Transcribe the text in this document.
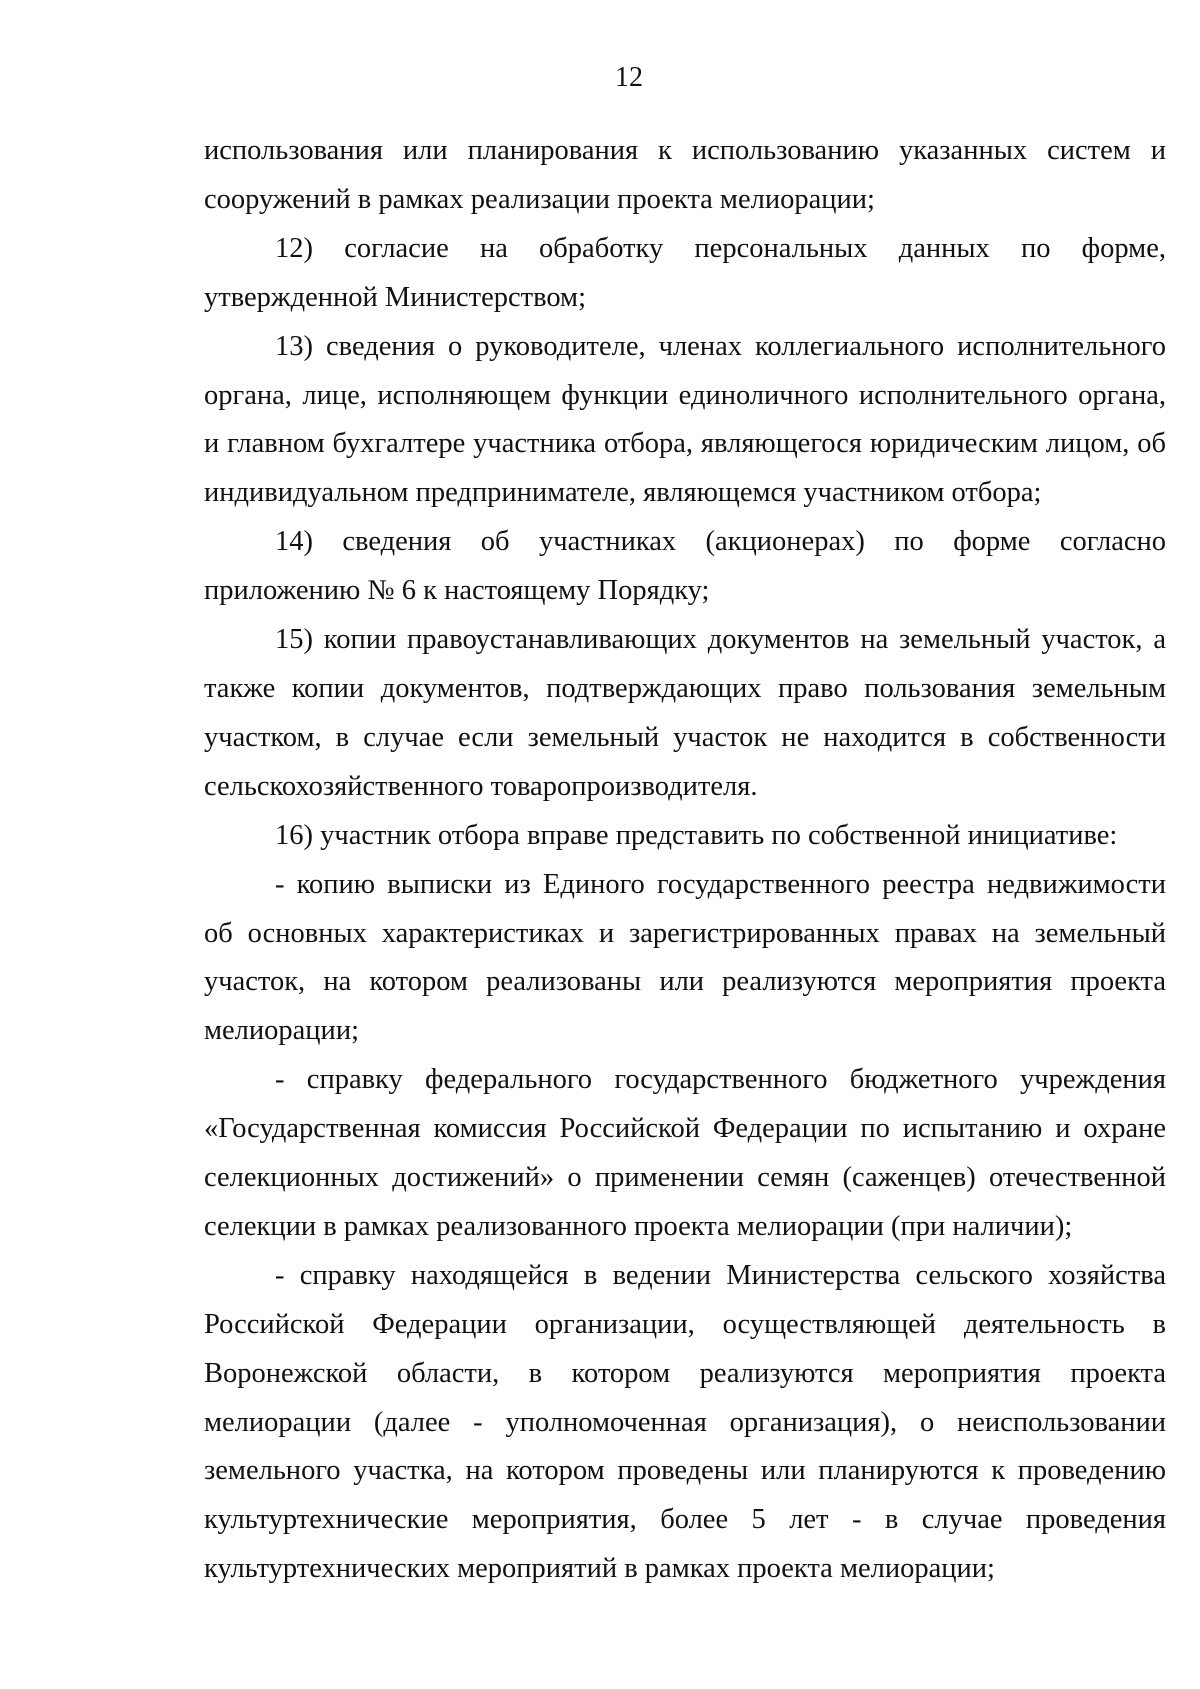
12

использования или планирования к использованию указанных систем и сооружений в рамках реализации проекта мелиорации;

12) согласие на обработку персональных данных по форме, утвержденной Министерством;

13) сведения о руководителе, членах коллегиального исполнительного органа, лице, исполняющем функции единоличного исполнительного органа, и главном бухгалтере участника отбора, являющегося юридическим лицом, об индивидуальном предпринимателе, являющемся участником отбора;

14) сведения об участниках (акционерах) по форме согласно приложению № 6 к настоящему Порядку;

15) копии правоустанавливающих документов на земельный участок, а также копии документов, подтверждающих право пользования земельным участком, в случае если земельный участок не находится в собственности сельскохозяйственного товаропроизводителя.

16) участник отбора вправе представить по собственной инициативе:

- копию выписки из Единого государственного реестра недвижимости об основных характеристиках и зарегистрированных правах на земельный участок, на котором реализованы или реализуются мероприятия проекта мелиорации;

- справку федерального государственного бюджетного учреждения «Государственная комиссия Российской Федерации по испытанию и охране селекционных достижений» о применении семян (саженцев) отечественной селекции в рамках реализованного проекта мелиорации (при наличии);

- справку находящейся в ведении Министерства сельского хозяйства Российской Федерации организации, осуществляющей деятельность в Воронежской области, в котором реализуются мероприятия проекта мелиорации (далее - уполномоченная организация), о неиспользовании земельного участка, на котором проведены или планируются к проведению культуртехнические мероприятия, более 5 лет - в случае проведения культуртехнических мероприятий в рамках проекта мелиорации;
